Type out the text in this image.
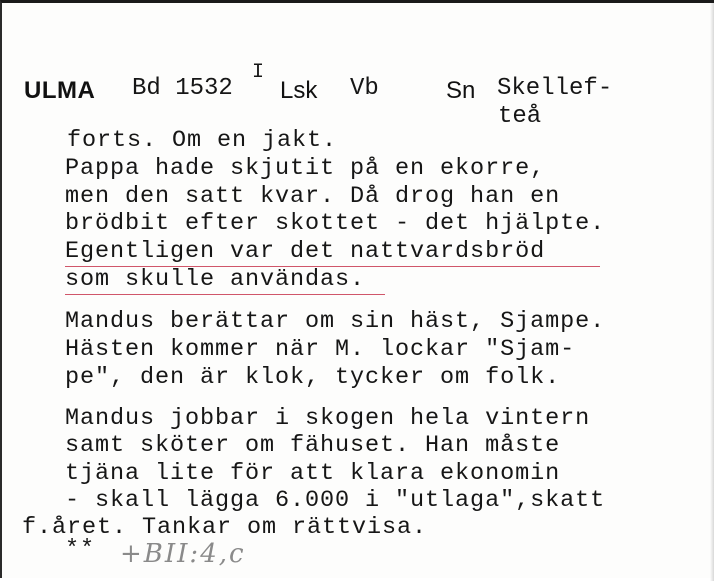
ULMA Bd 1532
I
Lsk Vb	Sn Skellef-
teå
forts. Om en jakt.
Pappa hade skjutit på en ekorre,
men den satt kvar. Då drog han en
brödbit efter skottet - det hjälpte.
Egentligen var det nattvardsbröd
som skulle användas.
Mandus berättar om sin häst, Sjampe.
Hästen kommer när M. lockar "Sjam-
pe", den är klok, tycker om folk.
Mandus jobbar i skogen hela vintern
samt sköter om fähuset. Han måste
tjäna lite för att klara ekonomin
- skall lägga 6.000 i "utlaga",skatt
f.året. Tankar om rättvisa.
** +BII:4,c
